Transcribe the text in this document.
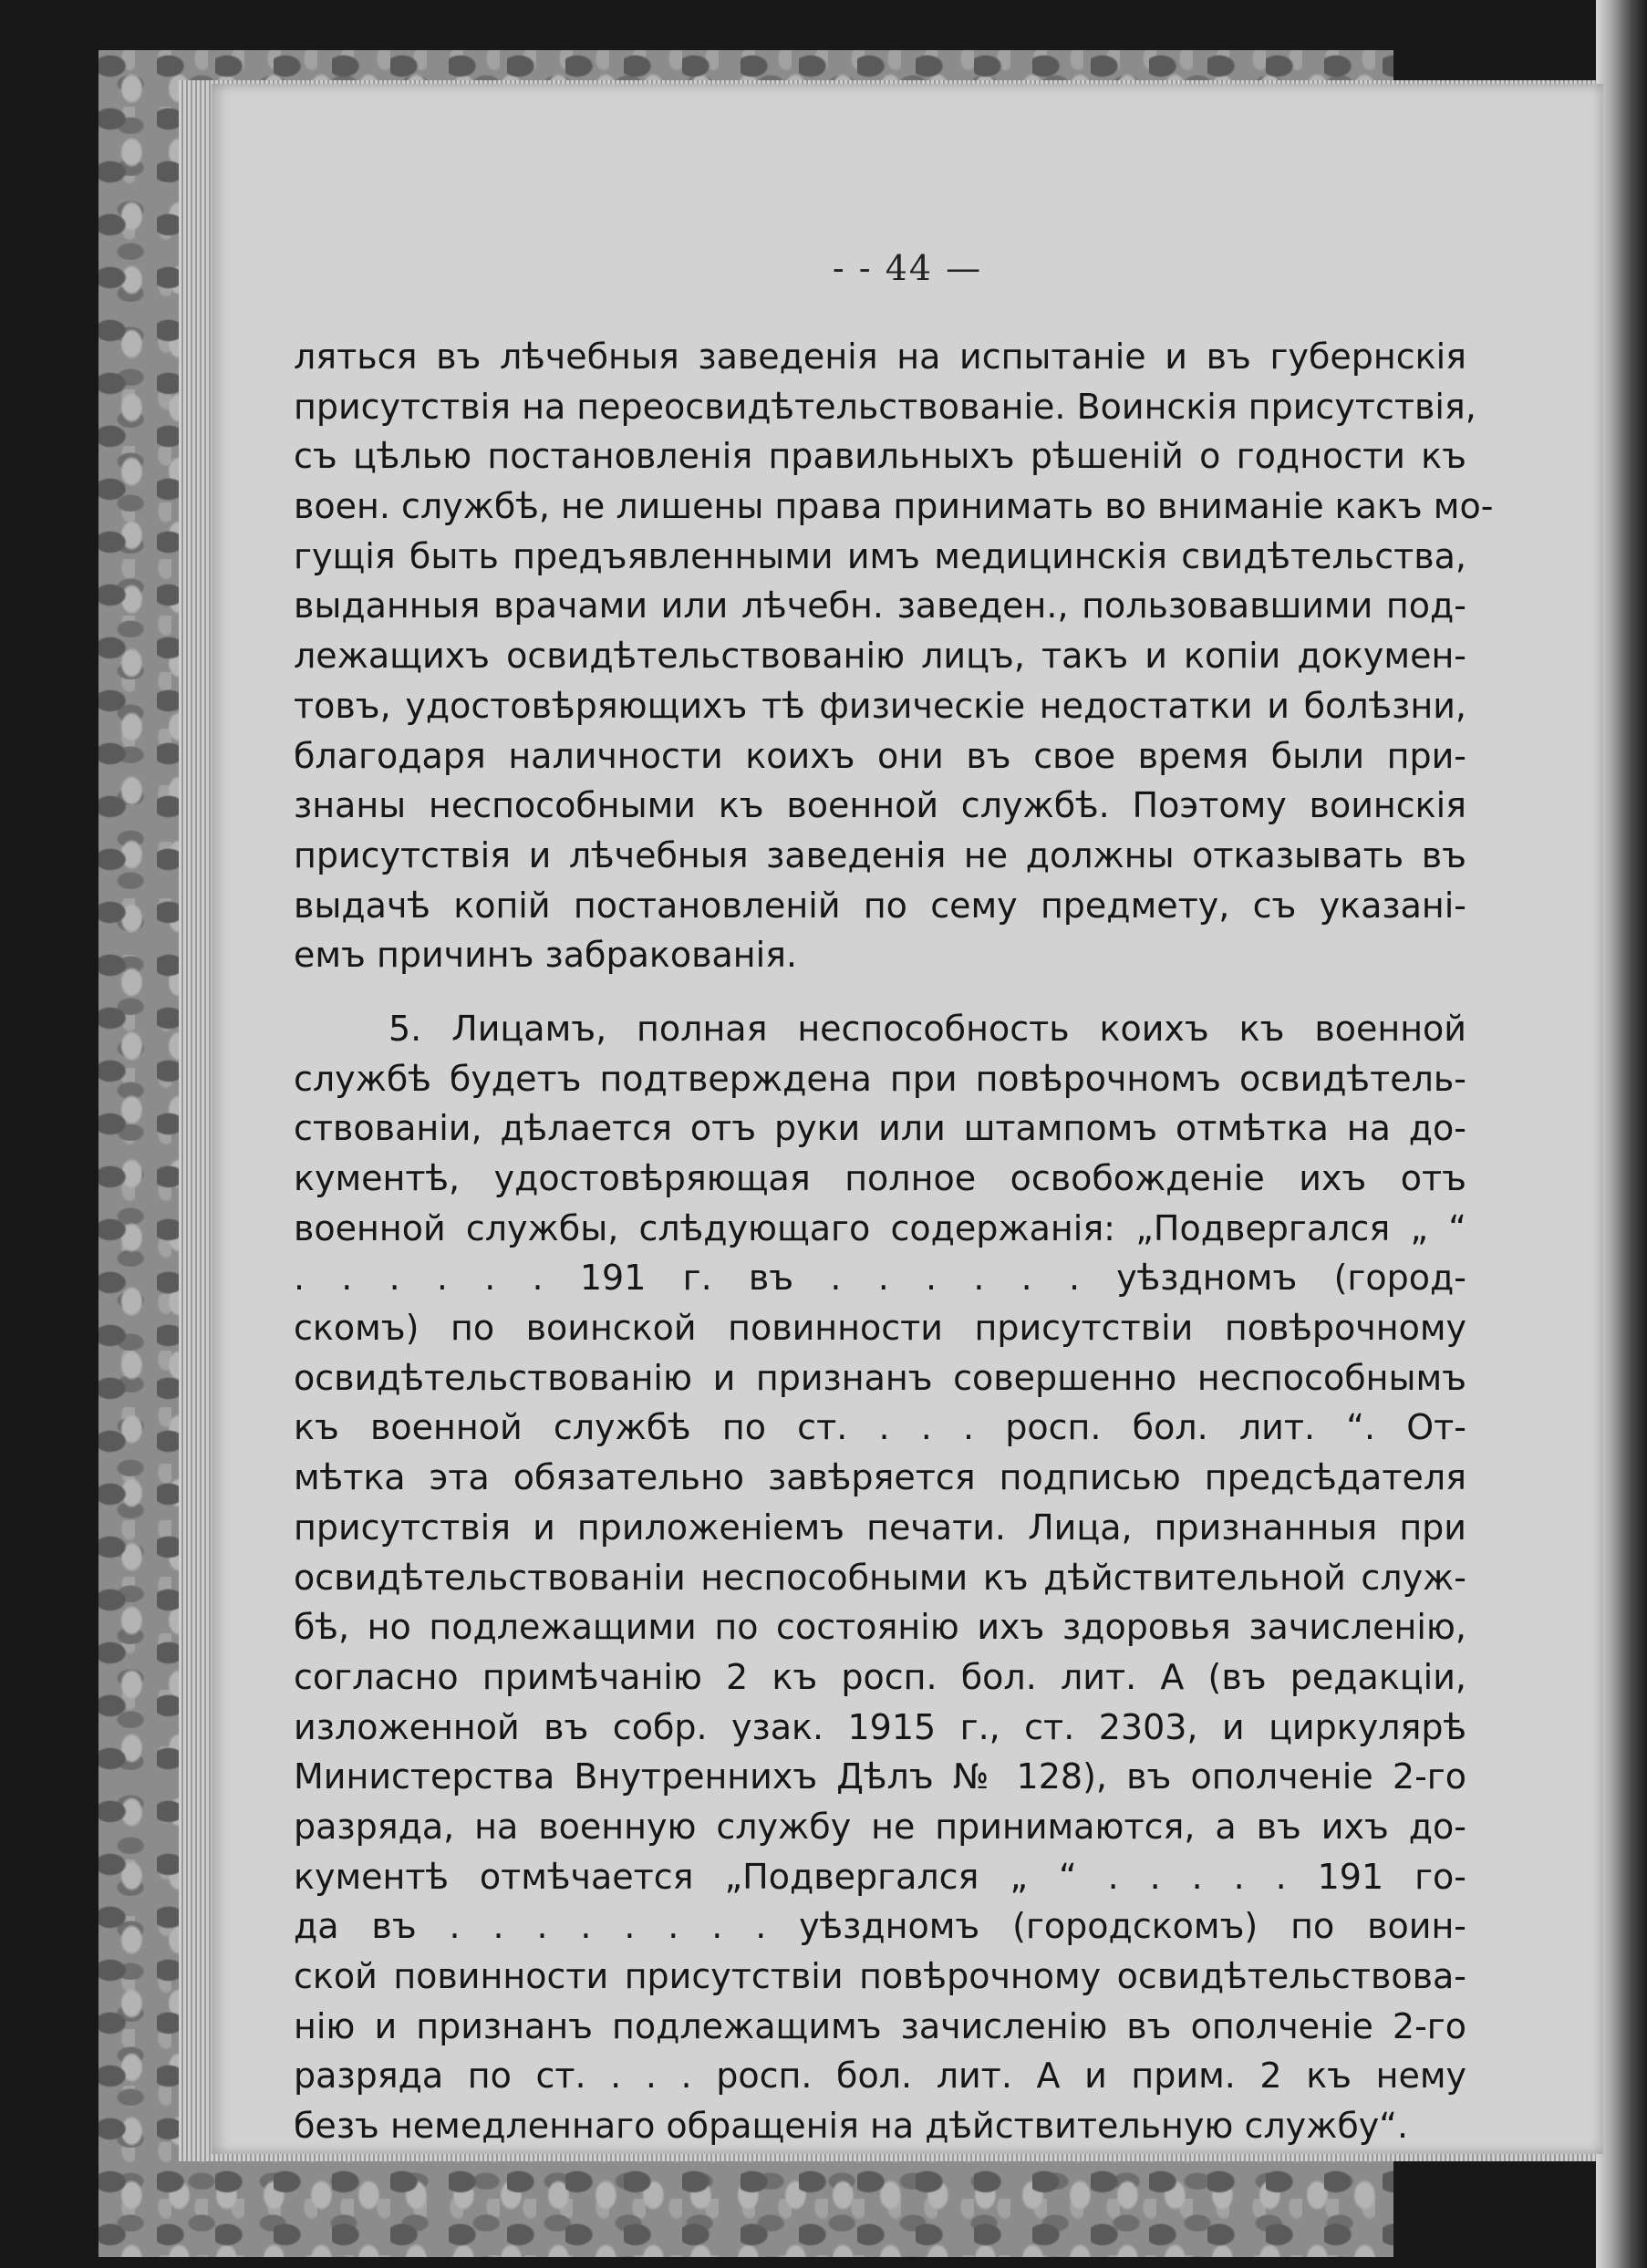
- - 44 —
ляться въ лѣчебныя заведенія на испытаніе и въ губернскія
присутствія на переосвидѣтельствованіе. Воинскія присутствія,
съ цѣлью постановленія правильныхъ рѣшеній о годности къ
воен. службѣ, не лишены права принимать во вниманіе какъ мо-
гущія быть предъявленными имъ медицинскія свидѣтельства,
выданныя врачами или лѣчебн. заведен., пользовавшими под-
лежащихъ освидѣтельствованію лицъ, такъ и копіи докумен-
товъ, удостовѣряющихъ тѣ физическіе недостатки и болѣзни,
благодаря наличности коихъ они въ свое время были при-
знаны неспособными къ военной службѣ. Поэтому воинскія
присутствія и лѣчебныя заведенія не должны отказывать въ
выдачѣ копій постановленій по сему предмету, съ указані-
емъ причинъ забракованія.
5. Лицамъ, полная неспособность коихъ къ военной
службѣ будетъ подтверждена при повѣрочномъ освидѣтель-
ствованіи, дѣлается отъ руки или штампомъ отмѣтка на до-
кументѣ, удостовѣряющая полное освобожденіе ихъ отъ
военной службы, слѣдующаго содержанія: „Подвергался „ “
. . . . . . 191 г. въ . . . . . . уѣздномъ (город-
скомъ) по воинской повинности присутствіи повѣрочному
освидѣтельствованію и признанъ совершенно неспособнымъ
къ военной службѣ по ст. . . . росп. бол. лит. “. От-
мѣтка эта обязательно завѣряется подписью предсѣдателя
присутствія и приложеніемъ печати. Лица, признанныя при
освидѣтельствованіи неспособными къ дѣйствительной служ-
бѣ, но подлежащими по состоянію ихъ здоровья зачисленію,
согласно примѣчанію 2 къ росп. бол. лит. А (въ редакціи,
изложенной въ собр. узак. 1915 г., ст. 2303, и циркулярѣ
Министерства Внутреннихъ Дѣлъ № 128), въ ополченіе 2-го
разряда, на военную службу не принимаются, а въ ихъ до-
кументѣ отмѣчается „Подвергался „ “ . . . . . 191 го-
да въ . . . . . . . . уѣздномъ (городскомъ) по воин-
ской повинности присутствіи повѣрочному освидѣтельствова-
нію и признанъ подлежащимъ зачисленію въ ополченіе 2-го
разряда по ст. . . . росп. бол. лит. А и прим. 2 къ нему
безъ немедленнаго обращенія на дѣйствительную службу“.
